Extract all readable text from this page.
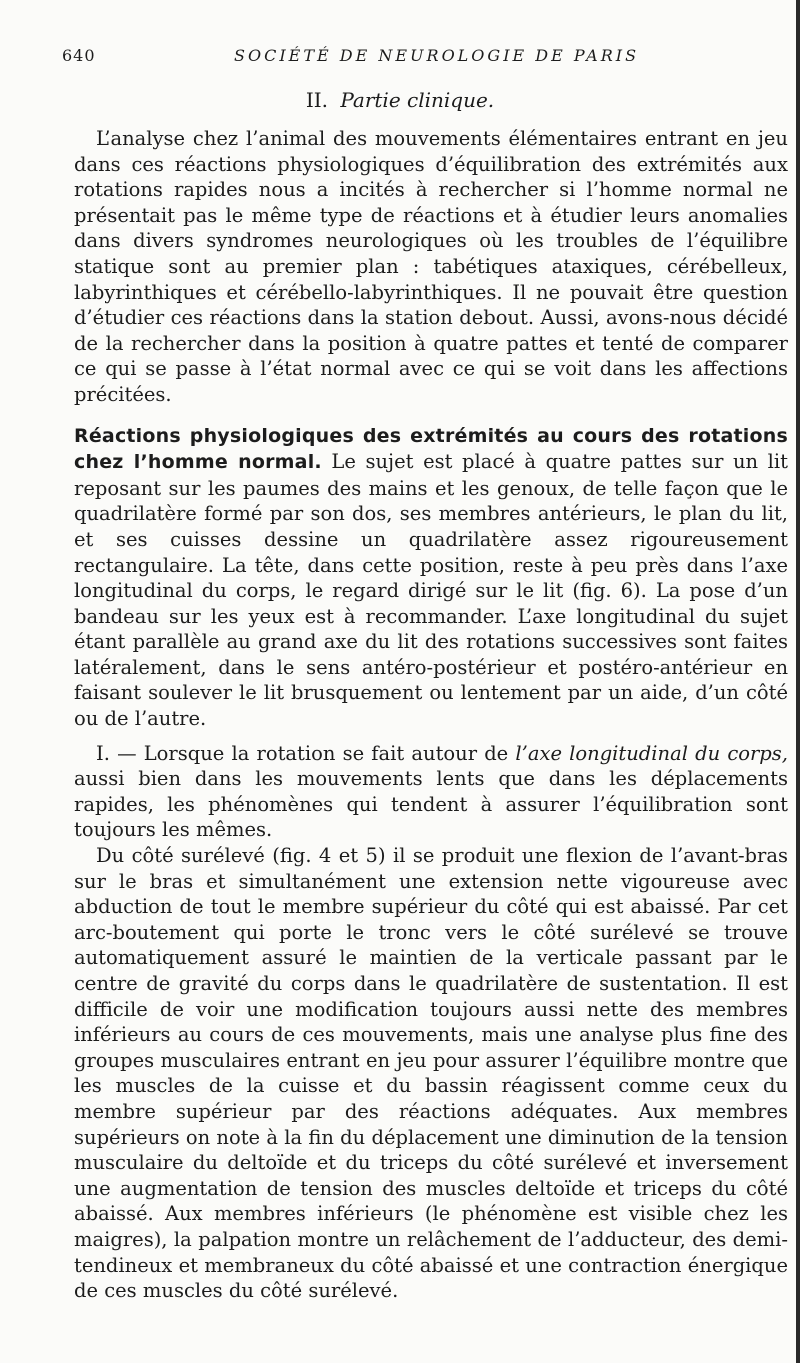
640	SOCIÉTÉ DE NEUROLOGIE DE PARIS
II. Partie clinique.

L’analyse chez l’animal des mouvements élémentaires entrant en jeu dans ces réactions physiologiques d’équilibration des extrémités aux rotations rapides nous a incités à rechercher si l’homme normal ne présentait pas le même type de réactions et à étudier leurs anomalies dans divers syndromes neurologiques où les troubles de l’équilibre statique sont au premier plan : tabétiques ataxiques, cérébelleux, labyrinthiques et cérébello-labyrinthiques. Il ne pouvait être question d’étudier ces réactions dans la station debout. Aussi, avons-nous décidé de la rechercher dans la position à quatre pattes et tenté de comparer ce qui se passe à l’état normal avec ce qui se voit dans les affections précitées.

Réactions physiologiques des extrémités au cours des rotations chez l’homme normal. Le sujet est placé à quatre pattes sur un lit reposant sur les paumes des mains et les genoux, de telle façon que le quadrilatère formé par son dos, ses membres antérieurs, le plan du lit, et ses cuisses dessine un quadrilatère assez rigoureusement rectangulaire. La tête, dans cette position, reste à peu près dans l’axe longitudinal du corps, le regard dirigé sur le lit (fig. 6). La pose d’un bandeau sur les yeux est à recommander. L’axe longitudinal du sujet étant parallèle au grand axe du lit des rotations successives sont faites latéralement, dans le sens antéro-postérieur et postéro-antérieur en faisant soulever le lit brusquement ou lentement par un aide, d’un côté ou de l’autre.

I. — Lorsque la rotation se fait autour de l’axe longitudinal du corps, aussi bien dans les mouvements lents que dans les déplacements rapides, les phénomènes qui tendent à assurer l’équilibration sont toujours les mêmes.

Du côté surélevé (fig. 4 et 5) il se produit une flexion de l’avant-bras sur le bras et simultanément une extension nette vigoureuse avec abduction de tout le membre supérieur du côté qui est abaissé. Par cet arc-boutement qui porte le tronc vers le côté surélevé se trouve automatiquement assuré le maintien de la verticale passant par le centre de gravité du corps dans le quadrilatère de sustentation. Il est difficile de voir une modification toujours aussi nette des membres inférieurs au cours de ces mouvements, mais une analyse plus fine des groupes musculaires entrant en jeu pour assurer l’équilibre montre que les muscles de la cuisse et du bassin réagissent comme ceux du membre supérieur par des réactions adéquates. Aux membres supérieurs on note à la fin du déplacement une diminution de la tension musculaire du deltoïde et du triceps du côté surélevé et inversement une augmentation de tension des muscles deltoïde et triceps du côté abaissé. Aux membres inférieurs (le phénomène est visible chez les maigres), la palpation montre un relâchement de l’adducteur, des demi-tendineux et membraneux du côté abaissé et une contraction énergique de ces muscles du côté surélevé.
